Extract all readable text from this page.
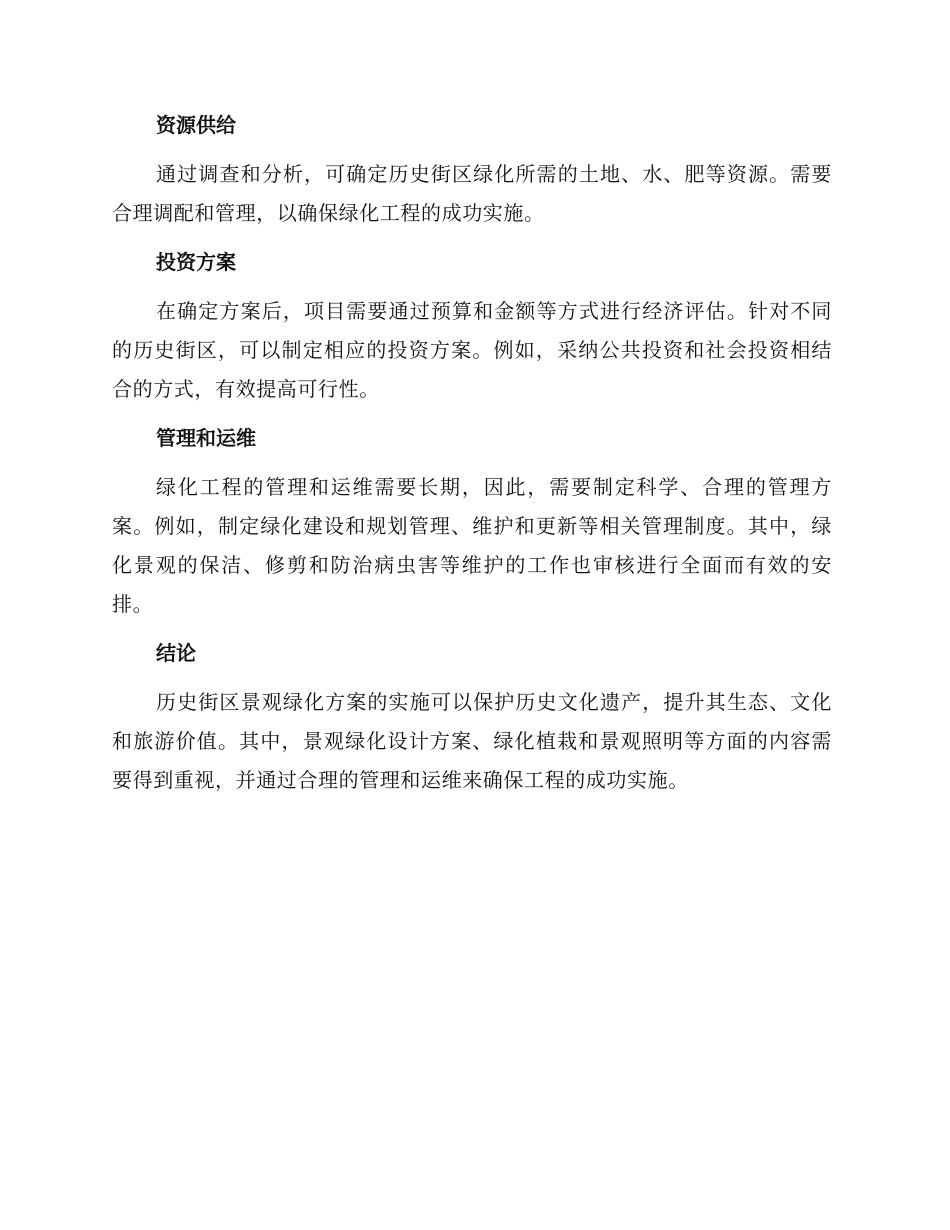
资源供给

通过调查和分析，可确定历史街区绿化所需的土地、水、肥等资源。需要合理调配和管理，以确保绿化工程的成功实施。

投资方案

在确定方案后，项目需要通过预算和金额等方式进行经济评估。针对不同的历史街区，可以制定相应的投资方案。例如，采纳公共投资和社会投资相结合的方式，有效提高可行性。

管理和运维

绿化工程的管理和运维需要长期，因此，需要制定科学、合理的管理方案。例如，制定绿化建设和规划管理、维护和更新等相关管理制度。其中，绿化景观的保洁、修剪和防治病虫害等维护的工作也审核进行全面而有效的安排。

结论

历史街区景观绿化方案的实施可以保护历史文化遗产，提升其生态、文化和旅游价值。其中，景观绿化设计方案、绿化植栽和景观照明等方面的内容需要得到重视，并通过合理的管理和运维来确保工程的成功实施。
